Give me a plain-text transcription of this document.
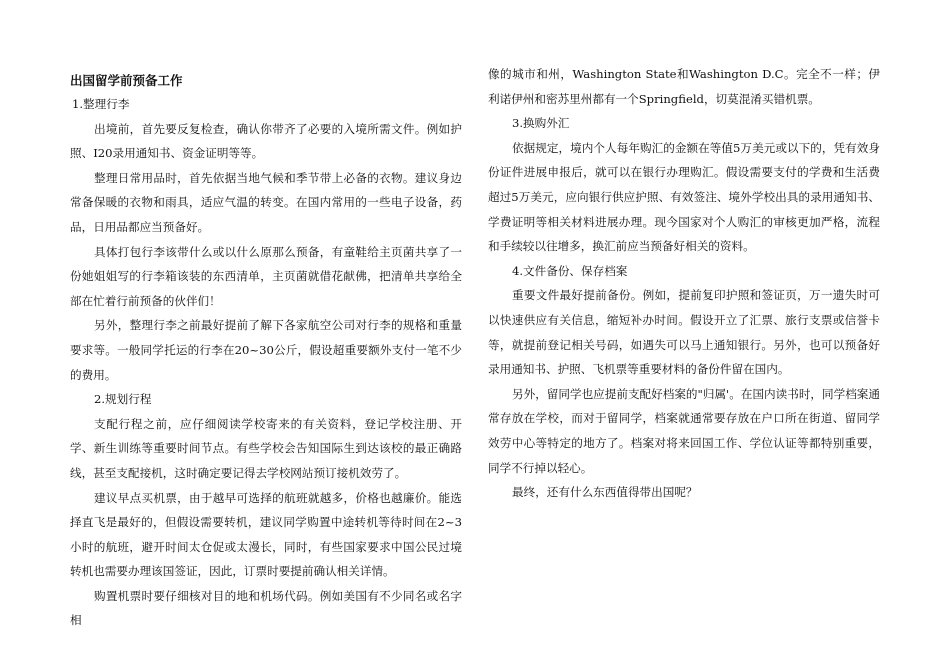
出国留学前预备工作

1.整理行李

出境前，首先要反复检查，确认你带齐了必要的入境所需文件。例如护照、I20录用通知书、资金证明等等。

整理日常用品时，首先依据当地气候和季节带上必备的衣物。建议身边常备保暖的衣物和雨具，适应气温的转变。在国内常用的一些电子设备，药品，日用品都应当预备好。

具体打包行李该带什么或以什么原那么预备，有童鞋给主页菌共享了一份她姐姐写的行李箱该装的东西清单，主页菌就借花献佛，把清单共享给全部在忙着行前预备的伙伴们！

另外，整理行李之前最好提前了解下各家航空公司对行李的规格和重量要求等。一般同学托运的行李在20~30公斤，假设超重要额外支付一笔不少的费用。

2.规划行程

支配行程之前，应仔细阅读学校寄来的有关资料，登记学校注册、开学、新生训练等重要时间节点。有些学校会告知国际生到达该校的最正确路线，甚至支配接机，这时确定要记得去学校网站预订接机效劳了。

建议早点买机票，由于越早可选择的航班就越多，价格也越廉价。能选择直飞是最好的，但假设需要转机，建议同学购置中途转机等待时间在2~3小时的航班，避开时间太仓促或太漫长，同时，有些国家要求中国公民过境转机也需要办理该国签证，因此，订票时要提前确认相关详情。

购置机票时要仔细核对目的地和机场代码。例如美国有不少同名或名字相

像的城市和州，Washington State和Washington D.C。完全不一样；伊利诺伊州和密苏里州都有一个Springfield，切莫混淆买错机票。

3.换购外汇

依据规定，境内个人每年购汇的金额在等值5万美元或以下的，凭有效身份证件进展申报后，就可以在银行办理购汇。假设需要支付的学费和生活费超过5万美元，应向银行供应护照、有效签注、境外学校出具的录用通知书、学费证明等相关材料进展办理。现今国家对个人购汇的审核更加严格，流程和手续较以往增多，换汇前应当预备好相关的资料。

4.文件备份、保存档案

重要文件最好提前备份。例如，提前复印护照和签证页，万一遗失时可以快速供应有关信息，缩短补办时间。假设开立了汇票、旅行支票或信誉卡等，就提前登记相关号码，如遇失可以马上通知银行。另外，也可以预备好录用通知书、护照、飞机票等重要材料的备份件留在国内。

另外，留同学也应提前支配好档案的"归属'。在国内读书时，同学档案通常存放在学校，而对于留同学，档案就通常要存放在户口所在街道、留同学效劳中心等特定的地方了。档案对将来回国工作、学位认证等都特别重要，同学不行掉以轻心。

最终，还有什么东西值得带出国呢？
